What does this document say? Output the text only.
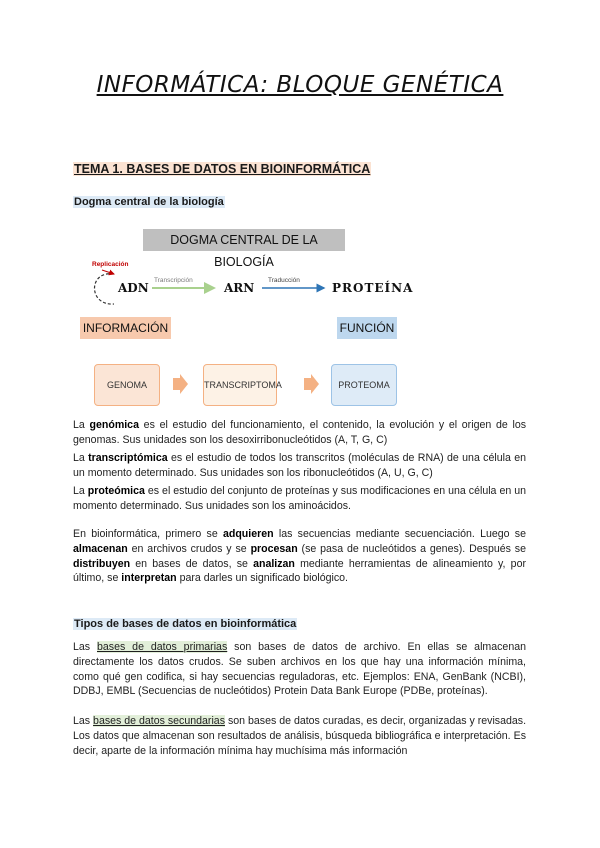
INFORMÁTICA: BLOQUE GENÉTICA
TEMA 1. BASES DE DATOS EN BIOINFORMÁTICA
Dogma central de la biología
DOGMA CENTRAL DE LA BIOLOGÍA
Replicación
ADN
Transcripción
ARN
Traducción
PROTEÍNA
INFORMACIÓN	FUNCIÓN
GENOMA	TRANSCRIPTOMA	PROTEOMA
La genómica es el estudio del funcionamiento, el contenido, la evolución y el origen de los genomas. Sus unidades son los desoxirribonucleótidos (A, T, G, C)
La transcriptómica es el estudio de todos los transcritos (moléculas de RNA) de una célula en un momento determinado. Sus unidades son los ribonucleótidos (A, U, G, C)
La proteómica es el estudio del conjunto de proteínas y sus modificaciones en una célula en un momento determinado. Sus unidades son los aminoácidos.
En bioinformática, primero se adquieren las secuencias mediante secuenciación. Luego se almacenan en archivos crudos y se procesan (se pasa de nucleótidos a genes). Después se distribuyen en bases de datos, se analizan mediante herramientas de alineamiento y, por último, se interpretan para darles un significado biológico.
Tipos de bases de datos en bioinformática
Las bases de datos primarias son bases de datos de archivo. En ellas se almacenan directamente los datos crudos. Se suben archivos en los que hay una información mínima, como qué gen codifica, si hay secuencias reguladoras, etc. Ejemplos: ENA, GenBank (NCBI), DDBJ, EMBL (Secuencias de nucleótidos) Protein Data Bank Europe (PDBe, proteínas).
Las bases de datos secundarias son bases de datos curadas, es decir, organizadas y revisadas. Los datos que almacenan son resultados de análisis, búsqueda bibliográfica e interpretación. Es decir, aparte de la información mínima hay muchísima más información
